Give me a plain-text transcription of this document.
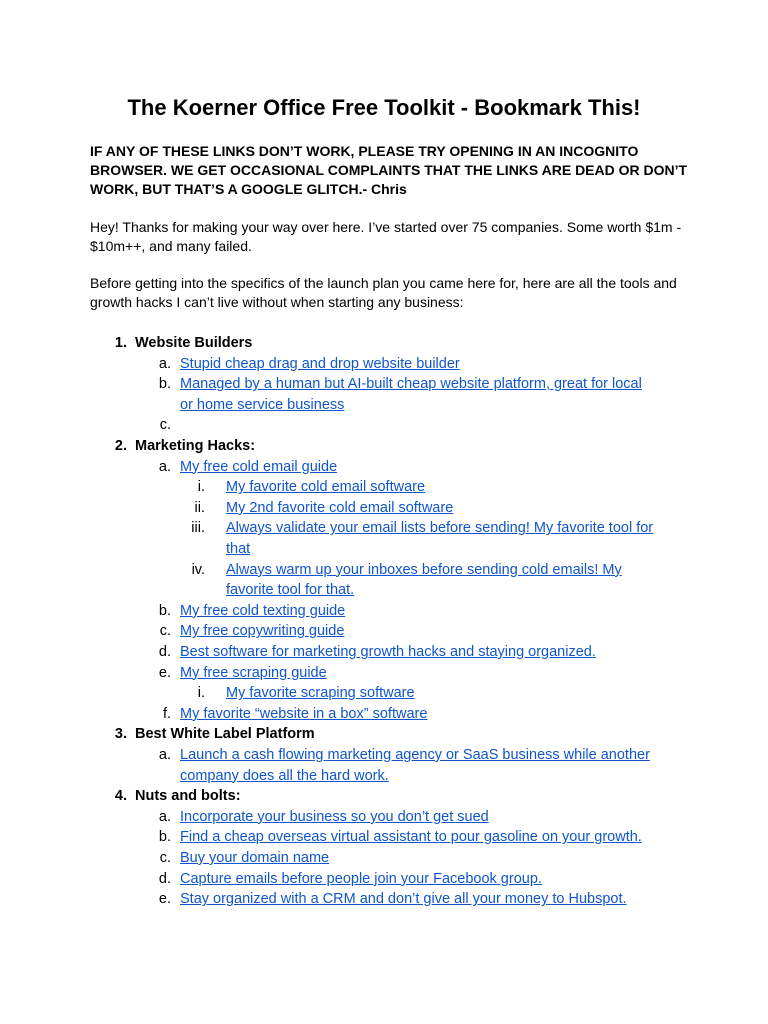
The Koerner Office Free Toolkit - Bookmark This!

IF ANY OF THESE LINKS DON’T WORK, PLEASE TRY OPENING IN AN INCOGNITO BROWSER. WE GET OCCASIONAL COMPLAINTS THAT THE LINKS ARE DEAD OR DON’T WORK, BUT THAT’S A GOOGLE GLITCH.- Chris

Hey! Thanks for making your way over here. I’ve started over 75 companies. Some worth $1m - $10m++, and many failed.

Before getting into the specifics of the launch plan you came here for, here are all the tools and growth hacks I can’t live without when starting any business:

1. Website Builders
a. Stupid cheap drag and drop website builder
b. Managed by a human but AI-built cheap website platform, great for local
or home service business
c.
2. Marketing Hacks:
a. My free cold email guide
i. My favorite cold email software
ii. My 2nd favorite cold email software
iii. Always validate your email lists before sending! My favorite tool for
that
iv. Always warm up your inboxes before sending cold emails! My
favorite tool for that.
b. My free cold texting guide
c. My free copywriting guide
d. Best software for marketing growth hacks and staying organized.
e. My free scraping guide
i. My favorite scraping software
f. My favorite “website in a box” software
3. Best White Label Platform
a. Launch a cash flowing marketing agency or SaaS business while another
company does all the hard work.
4. Nuts and bolts:
a. Incorporate your business so you don’t get sued
b. Find a cheap overseas virtual assistant to pour gasoline on your growth.
c. Buy your domain name
d. Capture emails before people join your Facebook group.
e. Stay organized with a CRM and don’t give all your money to Hubspot.
